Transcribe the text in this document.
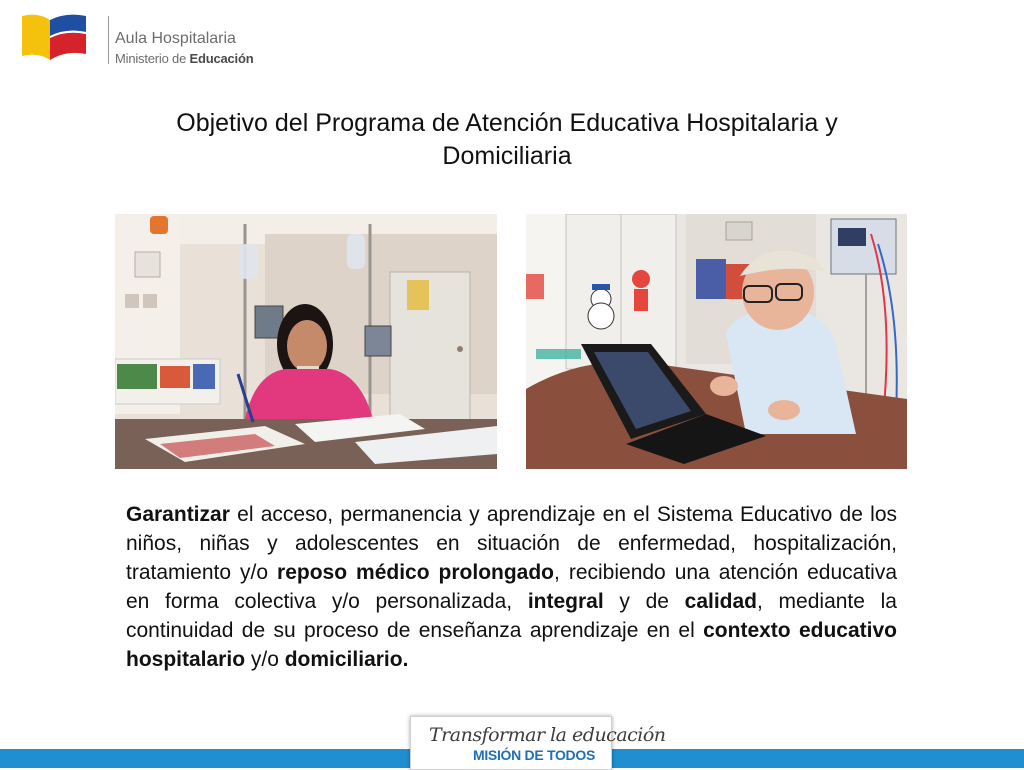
Aula Hospitalaria
Ministerio de Educación
Objetivo del Programa de Atención Educativa Hospitalaria y Domiciliaria
Garantizar el acceso, permanencia y aprendizaje en el Sistema Educativo de los niños, niñas y adolescentes en situación de enfermedad, hospitalización, tratamiento y/o reposo médico prolongado, recibiendo una atención educativa en forma colectiva y/o personalizada, integral y de calidad, mediante la continuidad de su proceso de enseñanza aprendizaje en el contexto educativo hospitalario y/o domiciliario.
Transformar la educación
MISIÓN DE TODOS
